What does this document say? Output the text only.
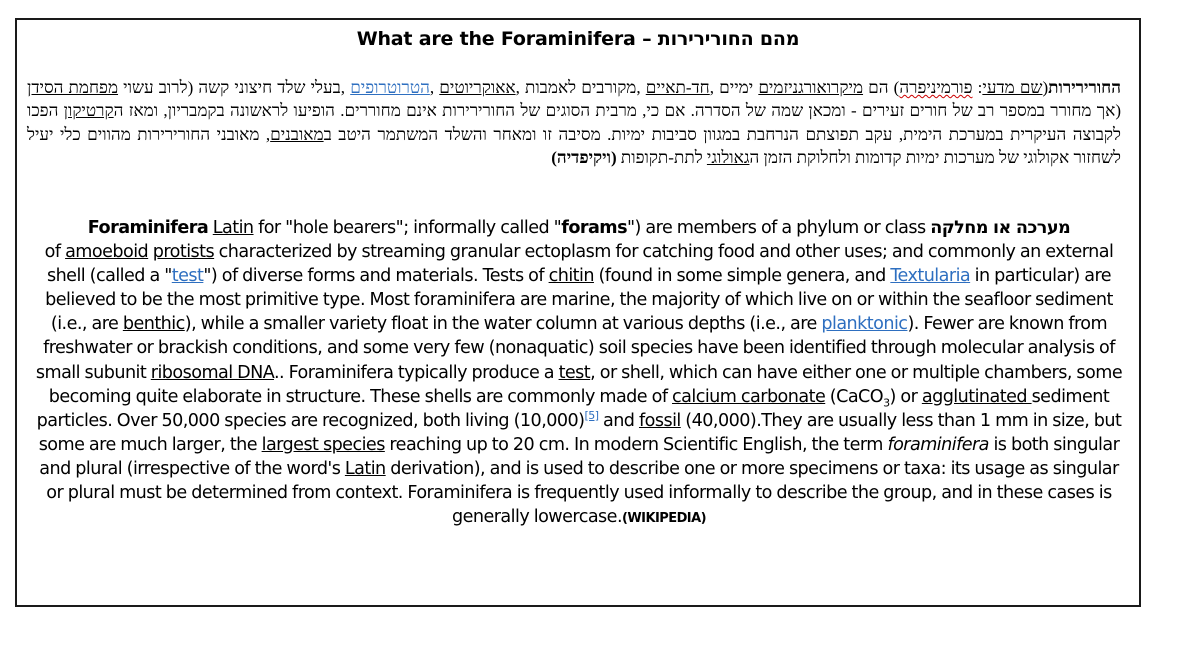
What are the Foraminifera – מהם החורירירות
החורירירות(שם מדעי: פורמיניפרה) הם מיקרואורגניזמים ימיים ,חד-תאיים ,מקורבים לאמבות ,אאוקריוטים ,הטרוטרופים ,בעלי שלד חיצוני קשה (לרוב עשוי מפחמת הסידן (אך מחורר במספר רב של חורים זעירים - ומכאן שמה של הסדרה. אם כי, מרבית הסוגים של החורירירות אינם מחוררים. הופיעו לראשונה בקמבריון, ומאז הקרטיקון הפכו לקבוצה העיקרית במערכת הימית, עקב תפוצתם הנרחבת במגוון סביבות ימיות. מסיבה זו ומאחר והשלד המשתמר היטב במאובנים, מאובני החורירירות מהווים כלי יעיל לשחזור אקולוגי של מערכות ימיות קדומות ולחלוקת הזמן הגאולוגי לתת-תקופות (ויקיפדיה)
Foraminifera Latin for "hole bearers"; informally called "forams") are members of a phylum or class מערכה או מחלקה
of amoeboid protists characterized by streaming granular ectoplasm for catching food and other uses; and commonly an external shell (called a "test") of diverse forms and materials. Tests of chitin (found in some simple genera, and Textularia in particular) are believed to be the most primitive type. Most foraminifera are marine, the majority of which live on or within the seafloor sediment (i.e., are benthic), while a smaller variety float in the water column at various depths (i.e., are planktonic). Fewer are known from freshwater or brackish conditions, and some very few (nonaquatic) soil species have been identified through molecular analysis of small subunit ribosomal DNA.. Foraminifera typically produce a test, or shell, which can have either one or multiple chambers, some becoming quite elaborate in structure. These shells are commonly made of calcium carbonate (CaCO$_3$) or agglutinated sediment particles. Over 50,000 species are recognized, both living (10,000)[5] and fossil (40,000).They are usually less than 1 mm in size, but some are much larger, the largest species reaching up to 20 cm. In modern Scientific English, the term foraminifera is both singular and plural (irrespective of the word's Latin derivation), and is used to describe one or more specimens or taxa: its usage as singular or plural must be determined from context. Foraminifera is frequently used informally to describe the group, and in these cases is generally lowercase.(WIKIPEDIA)
